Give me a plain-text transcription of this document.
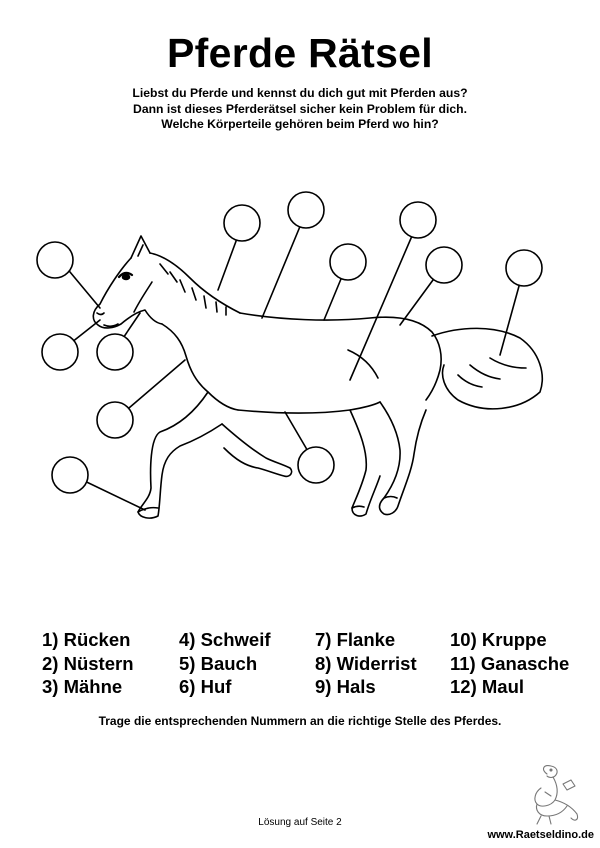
Pferde Rätsel
Liebst du Pferde und kennst du dich gut mit Pferden aus?
Dann ist dieses Pferderätsel sicher kein Problem für dich.
Welche Körperteile gehören beim Pferd wo hin?
1) Rücken
2) Nüstern
3) Mähne
4) Schweif
5) Bauch
6) Huf
7) Flanke
8) Widerrist
9) Hals
10) Kruppe
11) Ganasche
12) Maul
Trage die entsprechenden Nummern an die richtige Stelle des Pferdes.
Lösung auf Seite 2
www.Raetseldino.de
